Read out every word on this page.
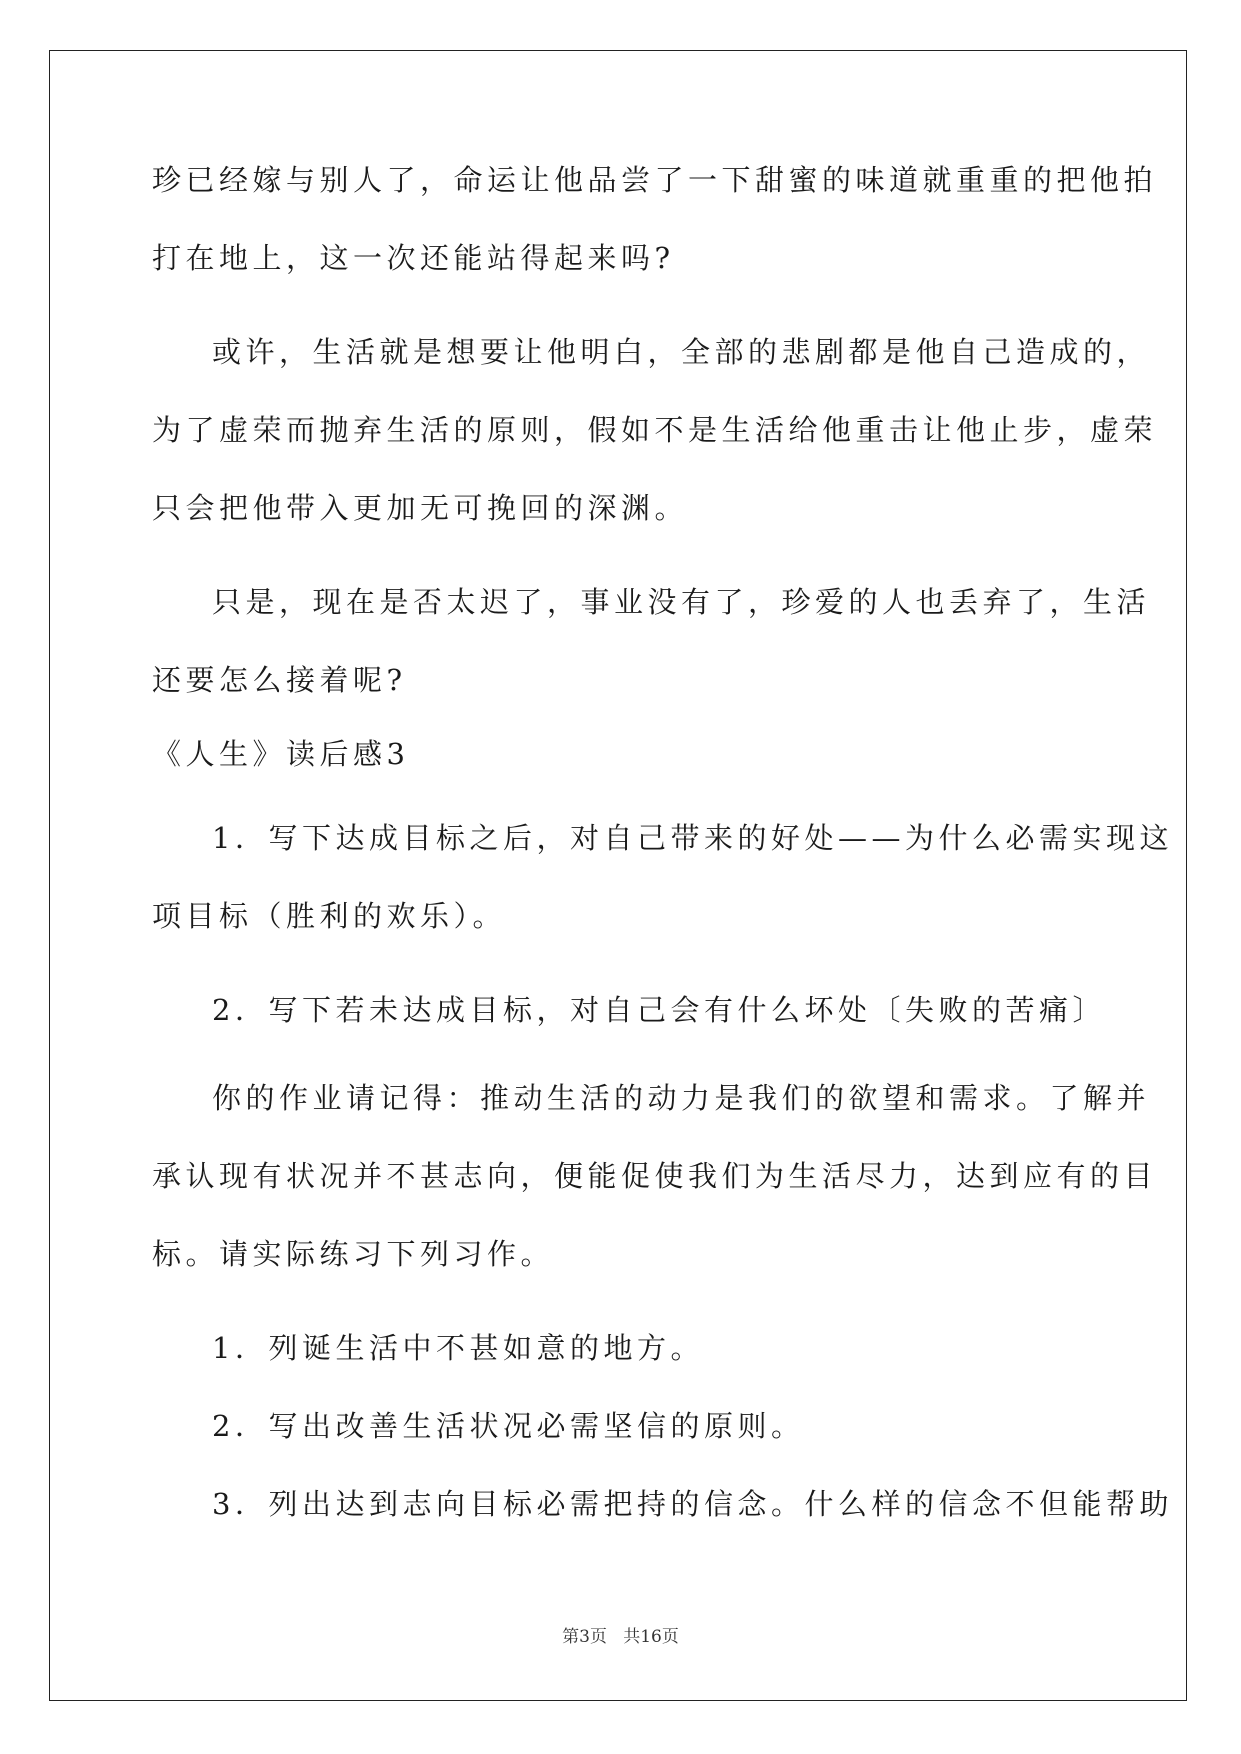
珍已经嫁与别人了，命运让他品尝了一下甜蜜的味道就重重的把他拍
打在地上，这一次还能站得起来吗?
或许，生活就是想要让他明白，全部的悲剧都是他自己造成的，
为了虚荣而抛弃生活的原则，假如不是生活给他重击让他止步，虚荣
只会把他带入更加无可挽回的深渊。
只是，现在是否太迟了，事业没有了，珍爱的人也丢弃了，生活
还要怎么接着呢?
《人生》读后感3
1．写下达成目标之后，对自己带来的好处——为什么必需实现这
项目标（胜利的欢乐）。
2．写下若未达成目标，对自己会有什么坏处〔失败的苦痛〕
你的作业请记得：推动生活的动力是我们的欲望和需求。了解并
承认现有状况并不甚志向，便能促使我们为生活尽力，达到应有的目
标。请实际练习下列习作。
1．列诞生活中不甚如意的地方。
2．写出改善生活状况必需坚信的原则。
3．列出达到志向目标必需把持的信念。什么样的信念不但能帮助
第3页 共16页
